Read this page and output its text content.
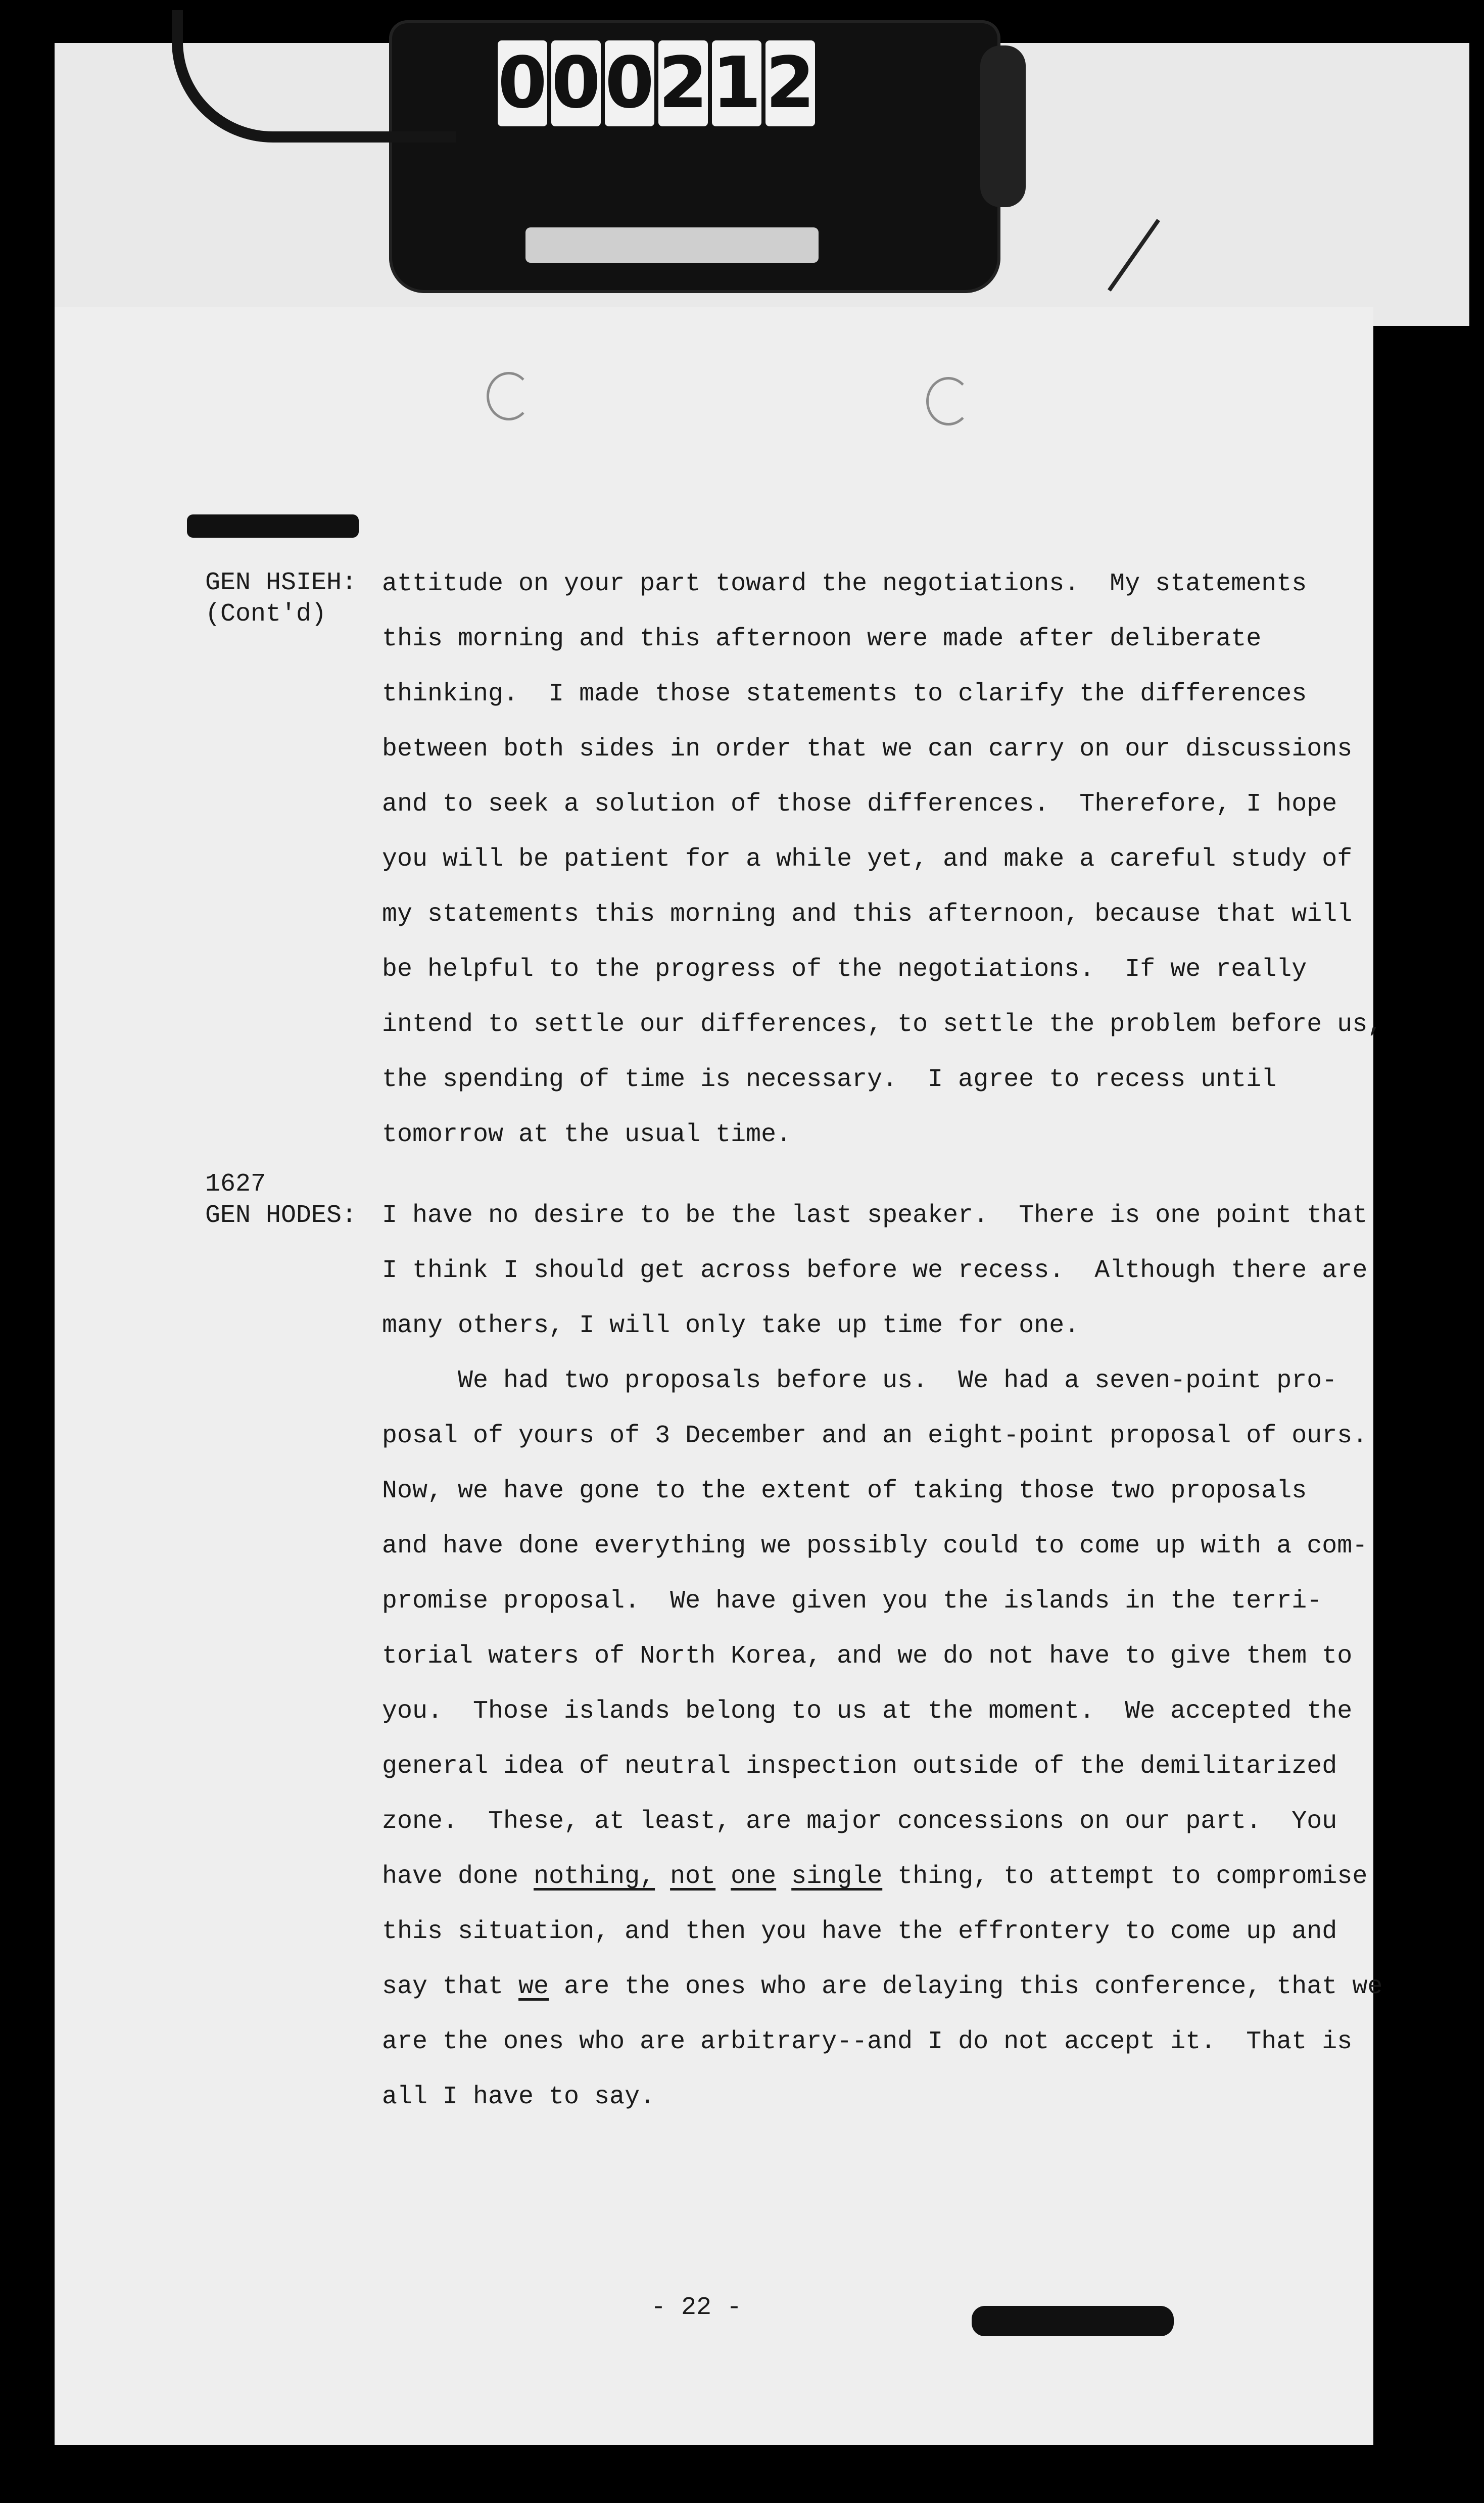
0 0 0 2 1 2
GEN HSIEH:
(Cont'd)
attitude on your part toward the negotiations.  My statements
this morning and this afternoon were made after deliberate
thinking.  I made those statements to clarify the differences
between both sides in order that we can carry on our discussions
and to seek a solution of those differences.  Therefore, I hope
you will be patient for a while yet, and make a careful study of
my statements this morning and this afternoon, because that will
be helpful to the progress of the negotiations.  If we really
intend to settle our differences, to settle the problem before us,
the spending of time is necessary.  I agree to recess until
tomorrow at the usual time.
1627
GEN HODES: I have no desire to be the last speaker.  There is one point that
I think I should get across before we recess.  Although there are
many others, I will only take up time for one.
We had two proposals before us.  We had a seven-point pro-
posal of yours of 3 December and an eight-point proposal of ours.
Now, we have gone to the extent of taking those two proposals
and have done everything we possibly could to come up with a com-
promise proposal.  We have given you the islands in the terri-
torial waters of North Korea, and we do not have to give them to
you.  Those islands belong to us at the moment.  We accepted the
general idea of neutral inspection outside of the demilitarized
zone.  These, at least, are major concessions on our part.  You
have done nothing, not one single thing, to attempt to compromise
this situation, and then you have the effrontery to come up and
say that we are the ones who are delaying this conference, that we
are the ones who are arbitrary--and I do not accept it.  That is
all I have to say.
- 22 -
